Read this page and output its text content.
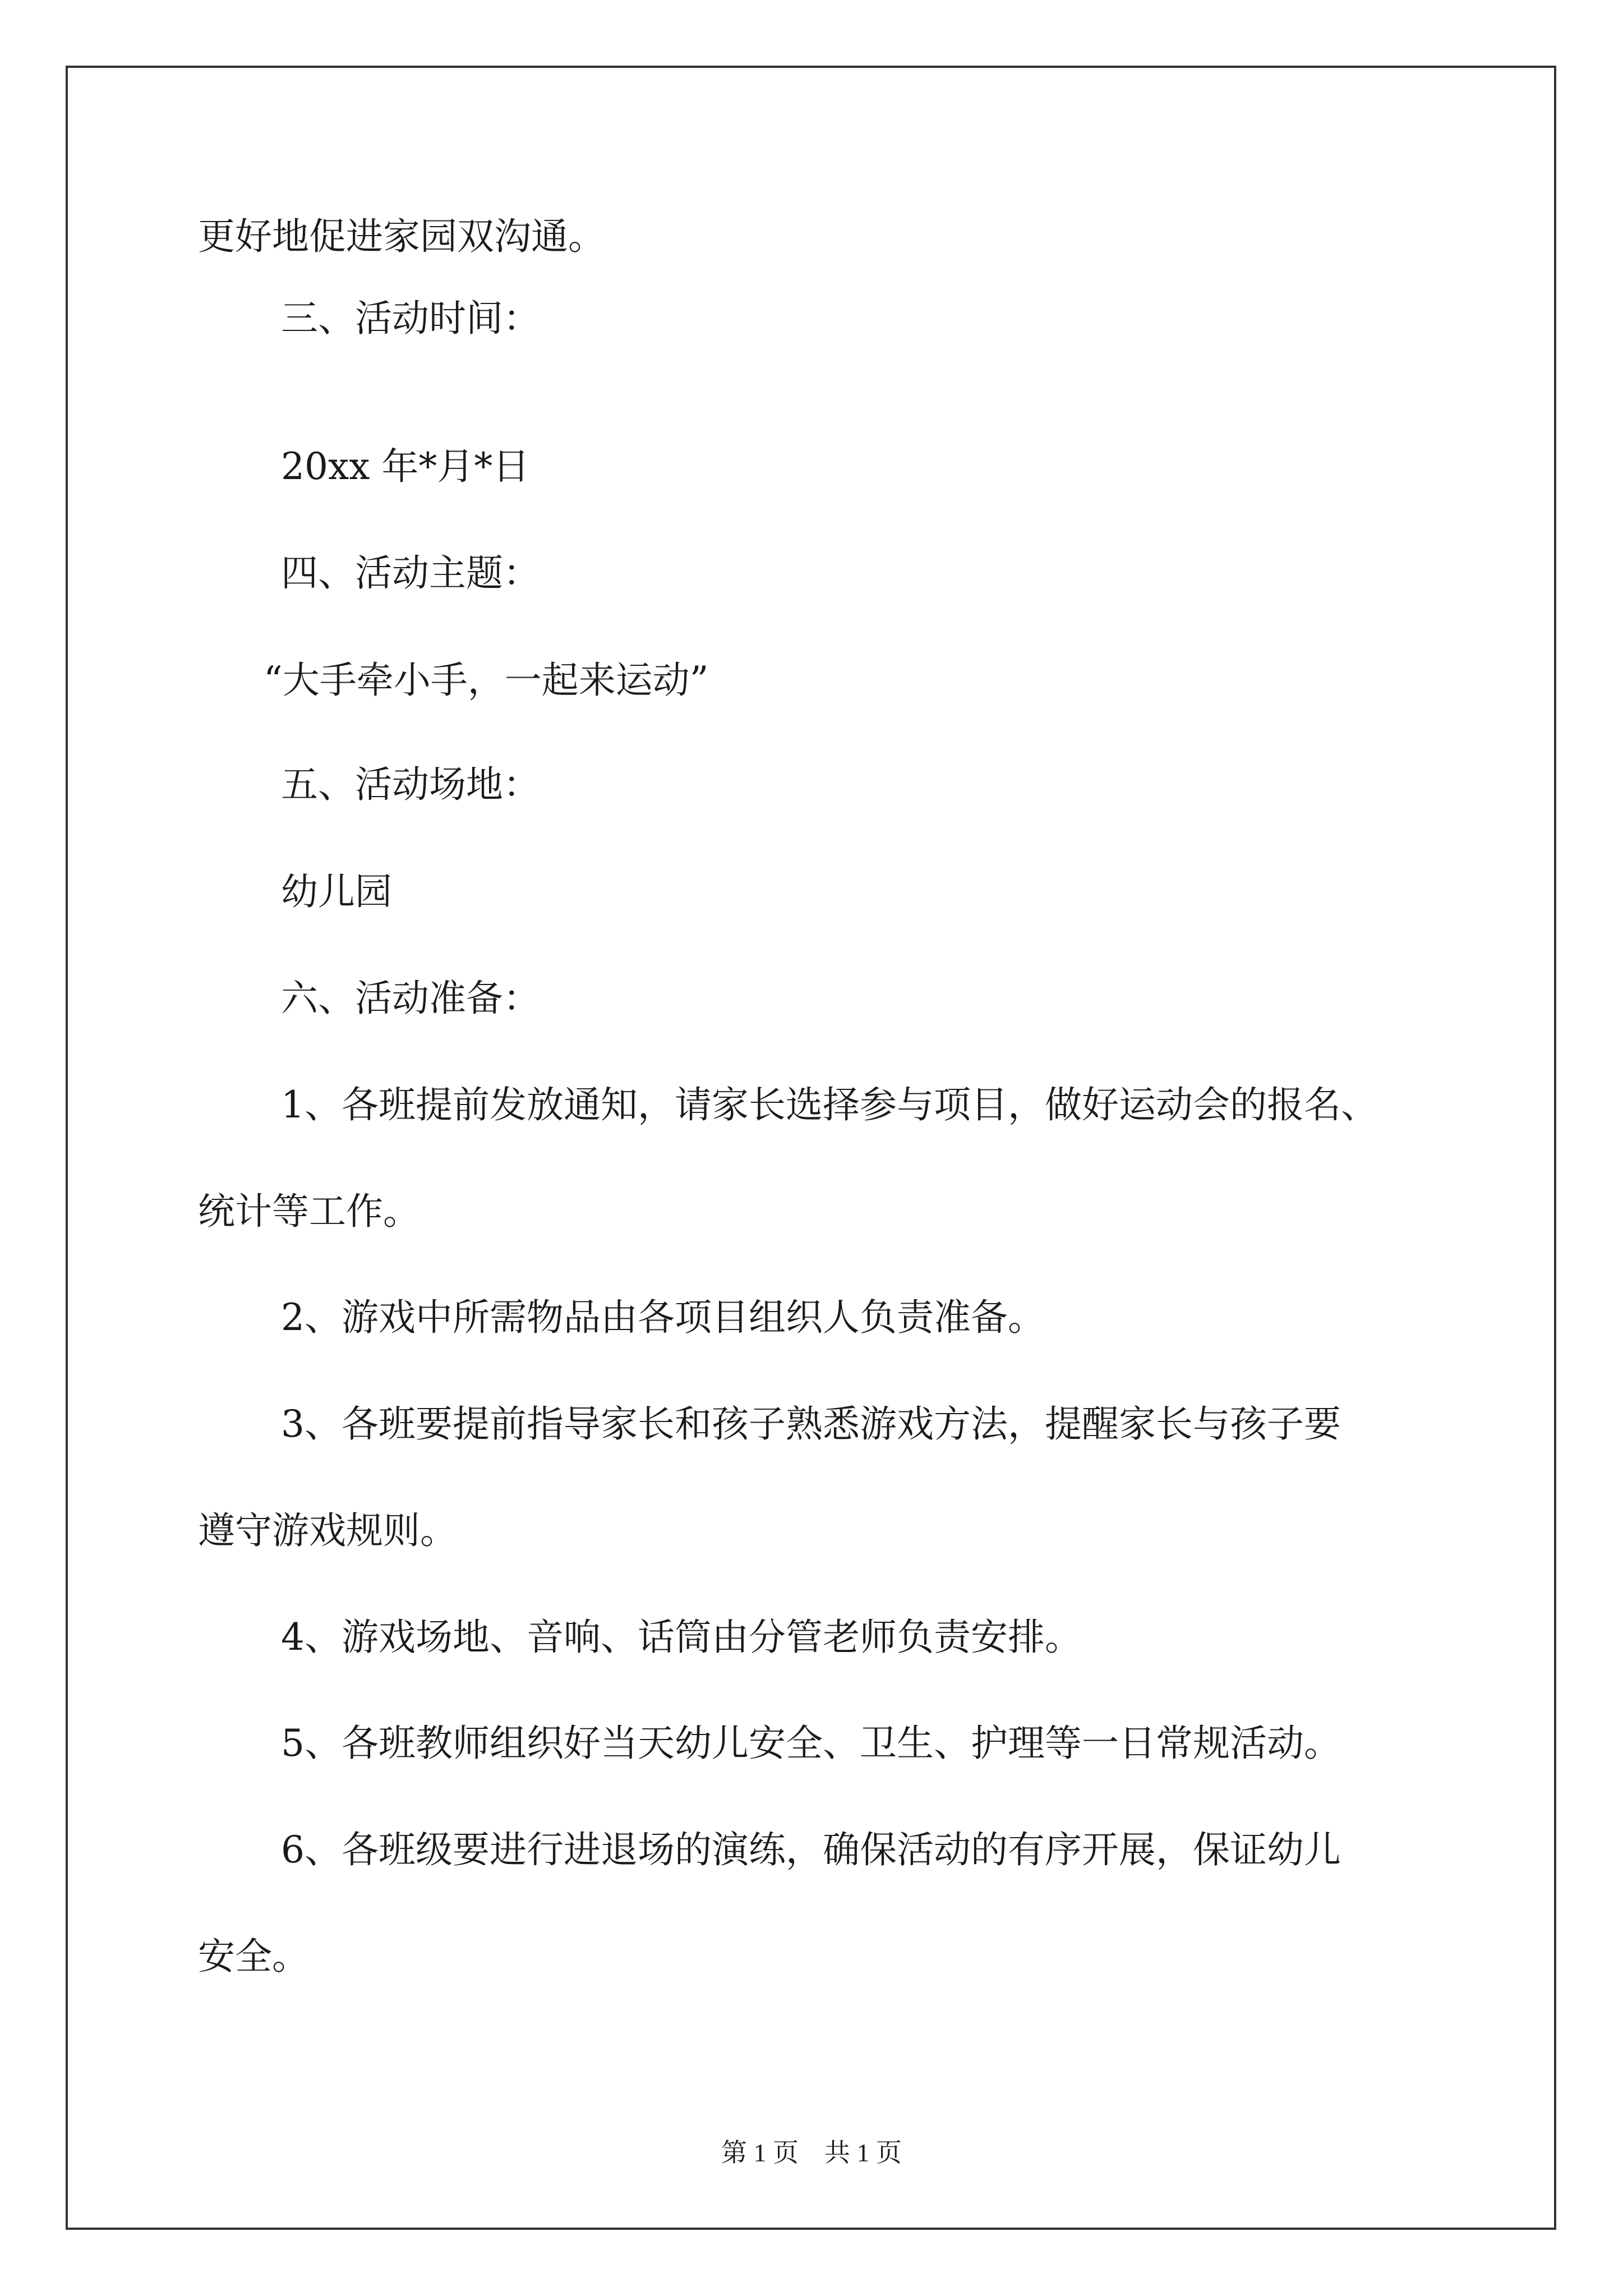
更好地促进家园双沟通。
三、活动时间：
20xx 年*月*日
四、活动主题：
“大手牵小手，一起来运动”
五、活动场地：
幼儿园
六、活动准备：
1、各班提前发放通知，请家长选择参与项目，做好运动会的报名、
统计等工作。
2、游戏中所需物品由各项目组织人负责准备。
3、各班要提前指导家长和孩子熟悉游戏方法，提醒家长与孩子要
遵守游戏规则。
4、游戏场地、音响、话筒由分管老师负责安排。
5、各班教师组织好当天幼儿安全、卫生、护理等一日常规活动。
6、各班级要进行进退场的演练，确保活动的有序开展，保证幼儿
安全。
第 1 页　共 1 页
